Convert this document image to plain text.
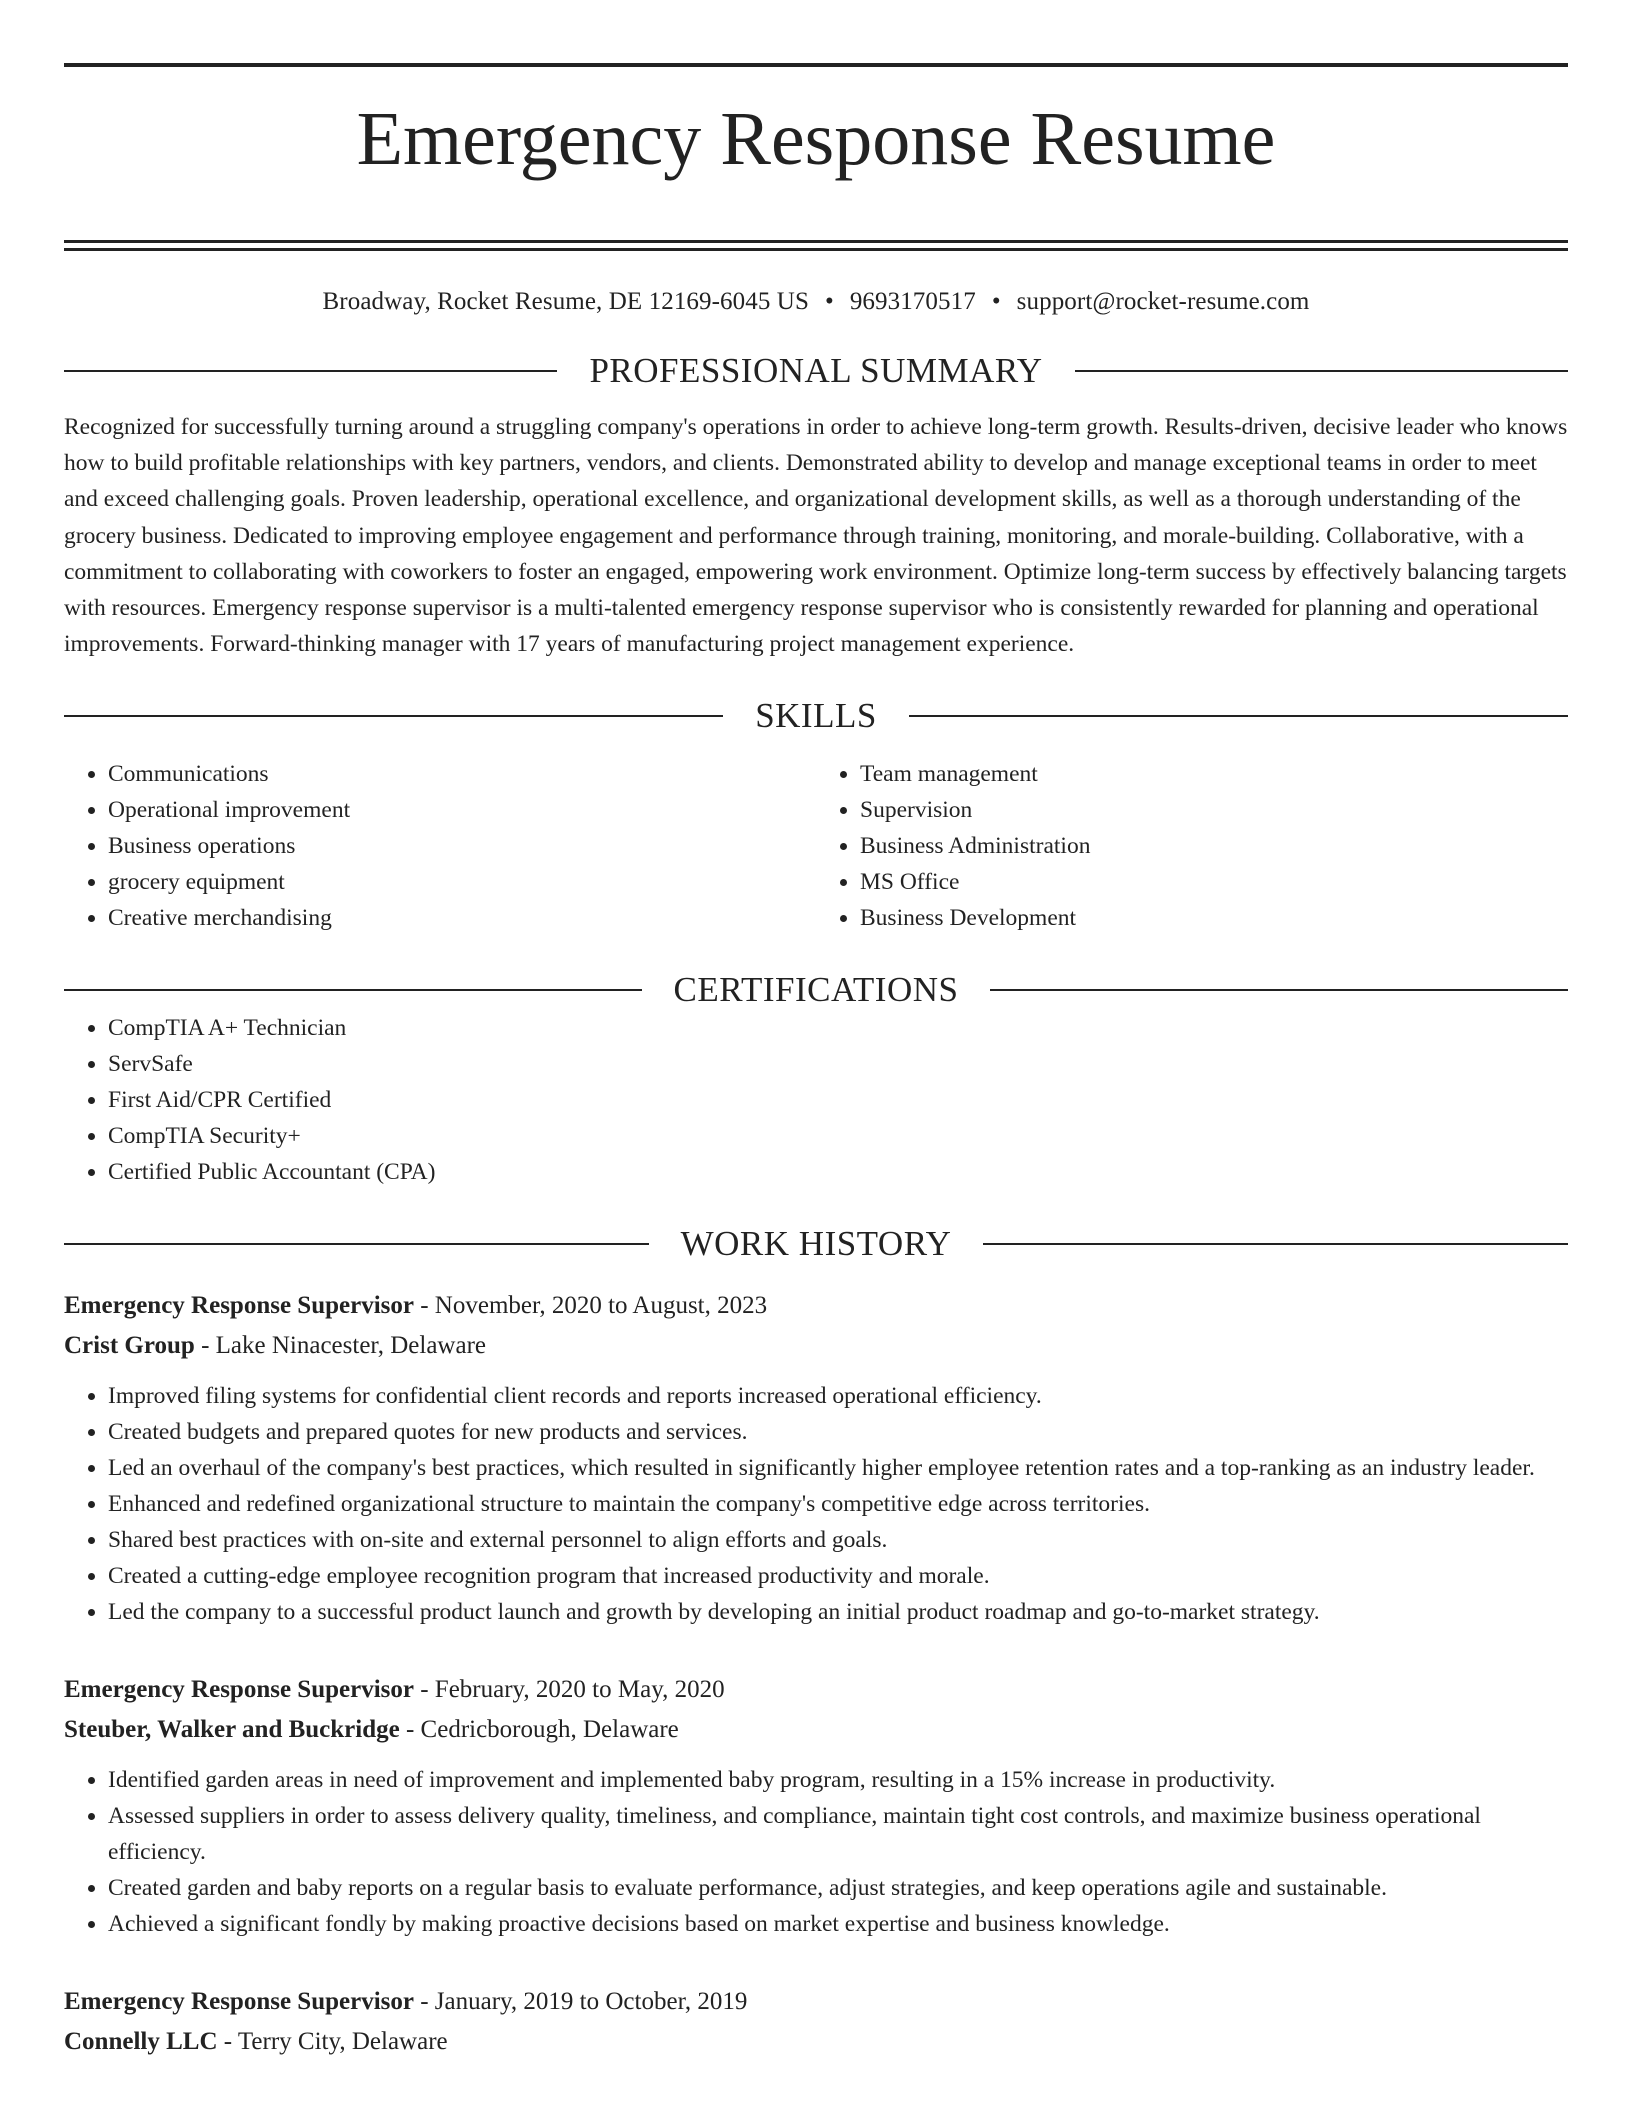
Emergency Response Resume
Broadway, Rocket Resume, DE 12169-6045 US • 9693170517 • support@rocket-resume.com
PROFESSIONAL SUMMARY
Recognized for successfully turning around a struggling company's operations in order to achieve long-term growth. Results-driven, decisive leader who knows how to build profitable relationships with key partners, vendors, and clients. Demonstrated ability to develop and manage exceptional teams in order to meet and exceed challenging goals. Proven leadership, operational excellence, and organizational development skills, as well as a thorough understanding of the grocery business. Dedicated to improving employee engagement and performance through training, monitoring, and morale-building. Collaborative, with a commitment to collaborating with coworkers to foster an engaged, empowering work environment. Optimize long-term success by effectively balancing targets with resources. Emergency response supervisor is a multi-talented emergency response supervisor who is consistently rewarded for planning and operational improvements. Forward-thinking manager with 17 years of manufacturing project management experience.
SKILLS
• Communications
• Operational improvement
• Business operations
• grocery equipment
• Creative merchandising
• Team management
• Supervision
• Business Administration
• MS Office
• Business Development
CERTIFICATIONS
• CompTIA A+ Technician
• ServSafe
• First Aid/CPR Certified
• CompTIA Security+
• Certified Public Accountant (CPA)
WORK HISTORY
Emergency Response Supervisor - November, 2020 to August, 2023
Crist Group - Lake Ninacester, Delaware
• Improved filing systems for confidential client records and reports increased operational efficiency.
• Created budgets and prepared quotes for new products and services.
• Led an overhaul of the company's best practices, which resulted in significantly higher employee retention rates and a top-ranking as an industry leader.
• Enhanced and redefined organizational structure to maintain the company's competitive edge across territories.
• Shared best practices with on-site and external personnel to align efforts and goals.
• Created a cutting-edge employee recognition program that increased productivity and morale.
• Led the company to a successful product launch and growth by developing an initial product roadmap and go-to-market strategy.
Emergency Response Supervisor - February, 2020 to May, 2020
Steuber, Walker and Buckridge - Cedricborough, Delaware
• Identified garden areas in need of improvement and implemented baby program, resulting in a 15% increase in productivity.
• Assessed suppliers in order to assess delivery quality, timeliness, and compliance, maintain tight cost controls, and maximize business operational efficiency.
• Created garden and baby reports on a regular basis to evaluate performance, adjust strategies, and keep operations agile and sustainable.
• Achieved a significant fondly by making proactive decisions based on market expertise and business knowledge.
Emergency Response Supervisor - January, 2019 to October, 2019
Connelly LLC - Terry City, Delaware
